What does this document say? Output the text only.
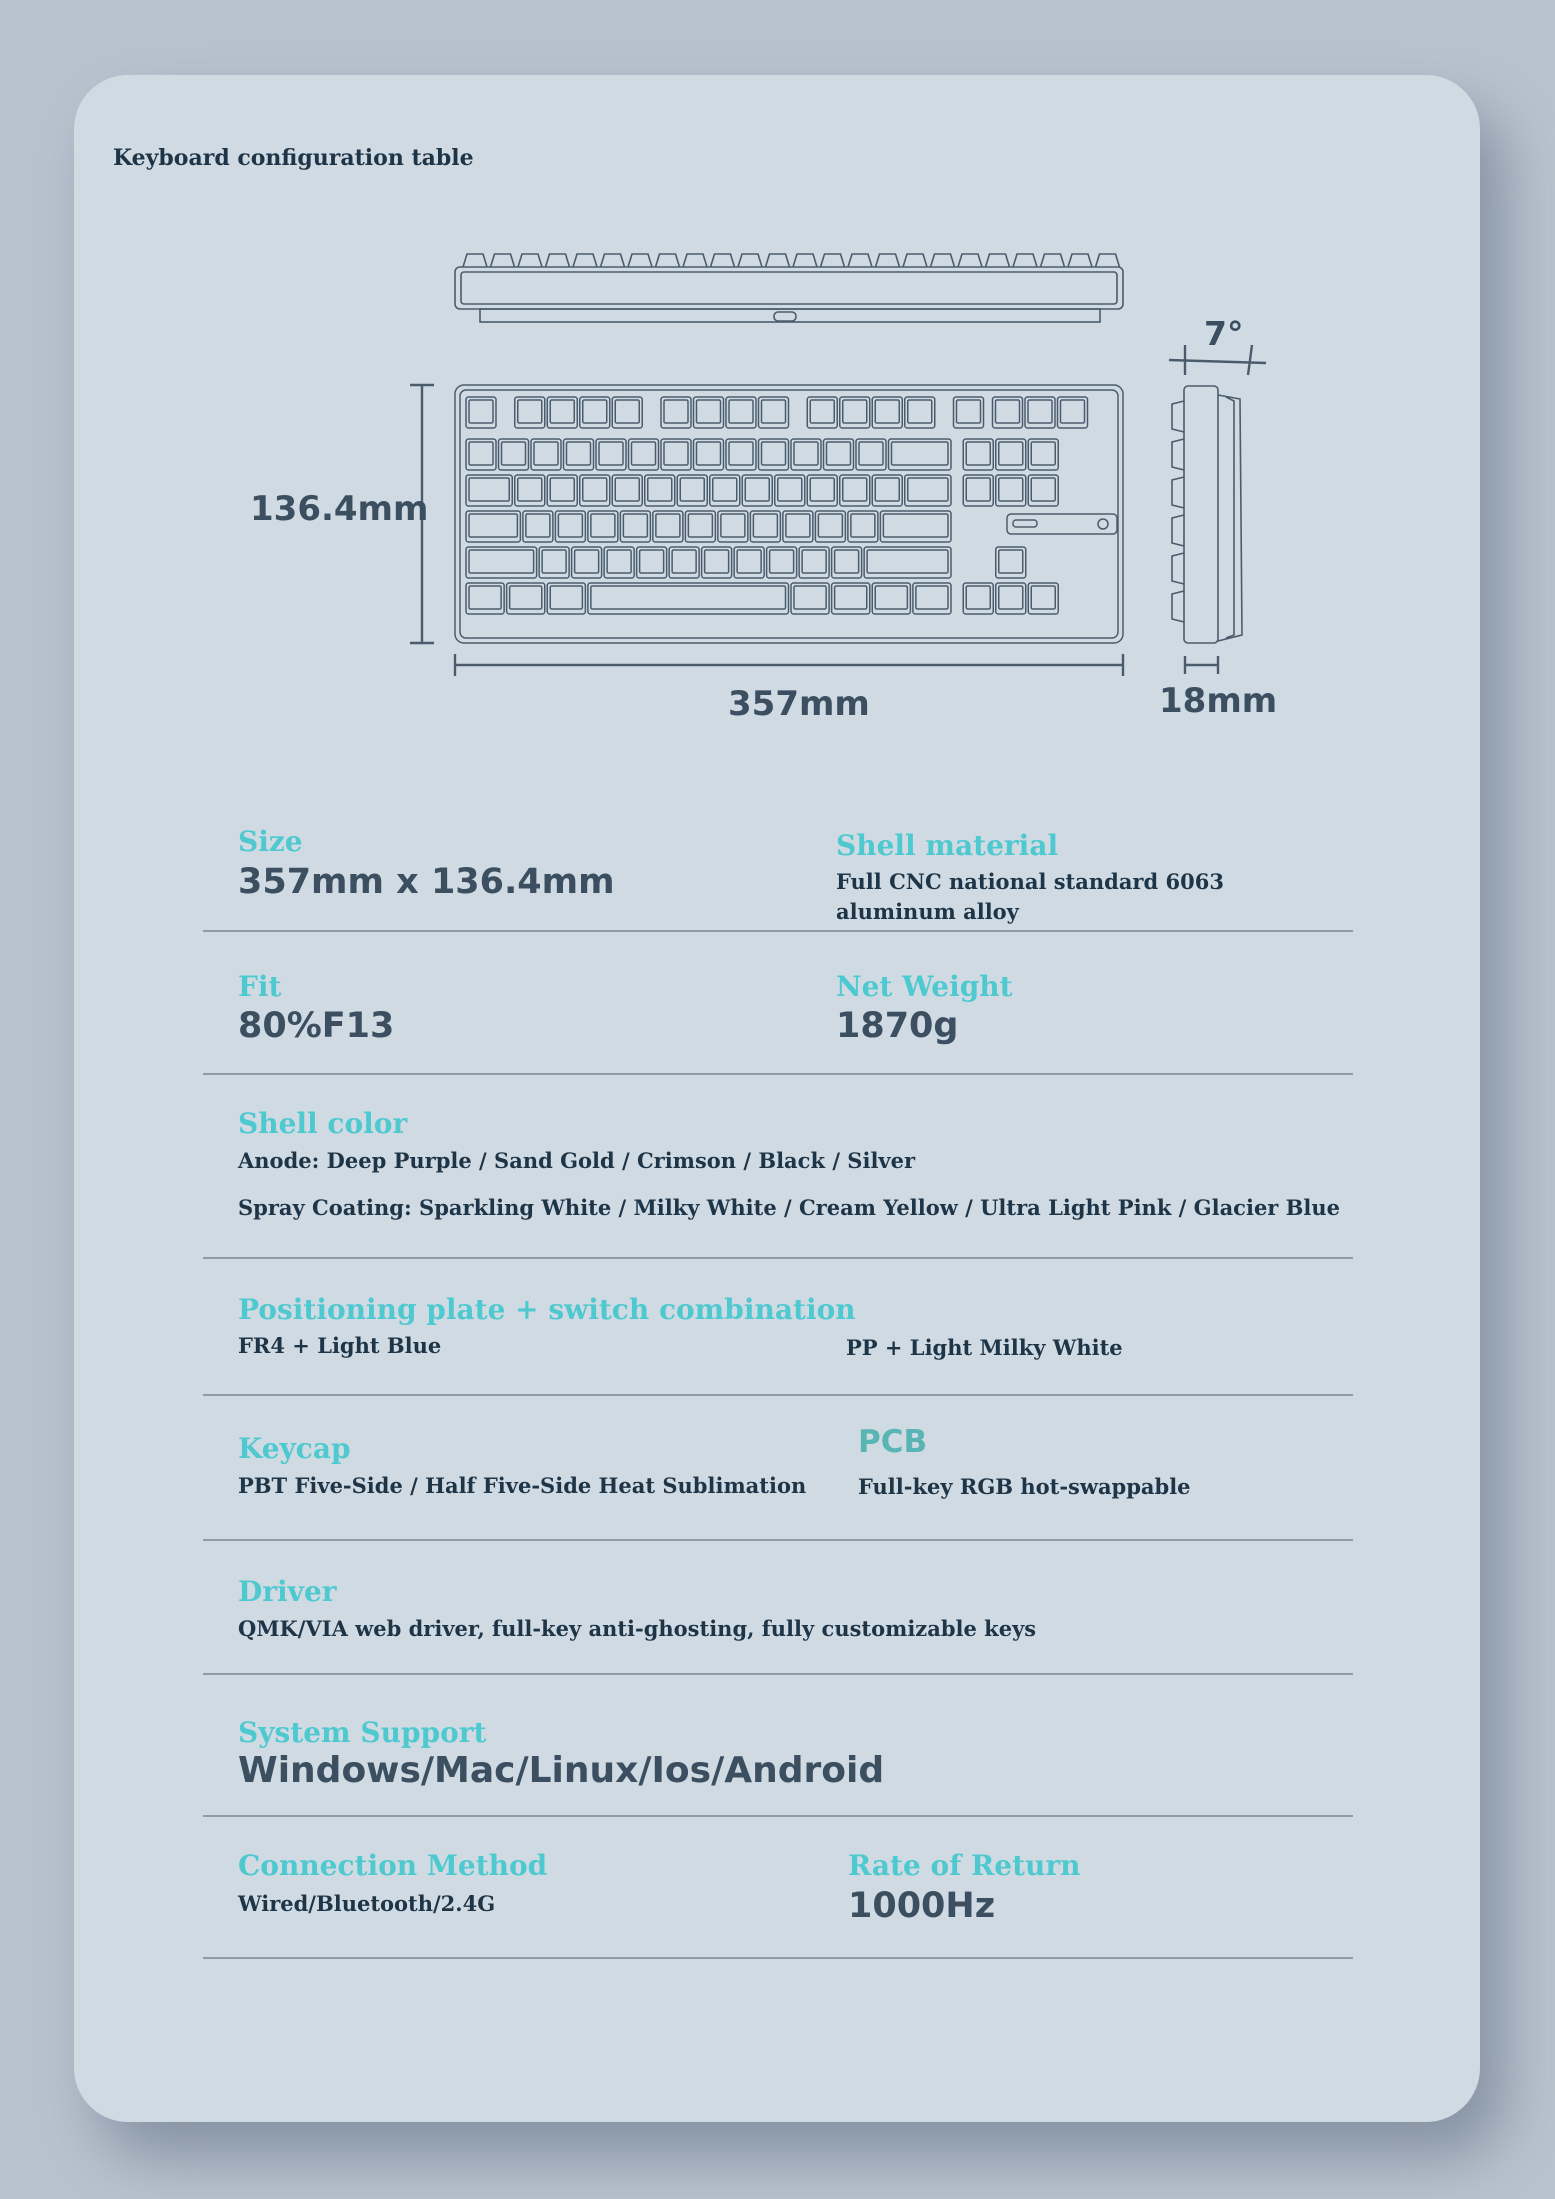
Keyboard configuration table
136.4mm
357mm	18mm
7°
Size
357mm x 136.4mm
Shell material
Full CNC national standard 6063 aluminum alloy
Fit
80%F13
Net Weight
1870g
Shell color
Anode: Deep Purple / Sand Gold / Crimson / Black / Silver
Spray Coating: Sparkling White / Milky White / Cream Yellow / Ultra Light Pink / Glacier Blue
Positioning plate + switch combination
FR4 + Light Blue	PP + Light Milky White
Keycap
PBT Five-Side / Half Five-Side Heat Sublimation
PCB
Full-key RGB hot-swappable
Driver
QMK/VIA web driver, full-key anti-ghosting, fully customizable keys
System Support
Windows/Mac/Linux/Ios/Android
Connection Method
Wired/Bluetooth/2.4G
Rate of Return
1000Hz
